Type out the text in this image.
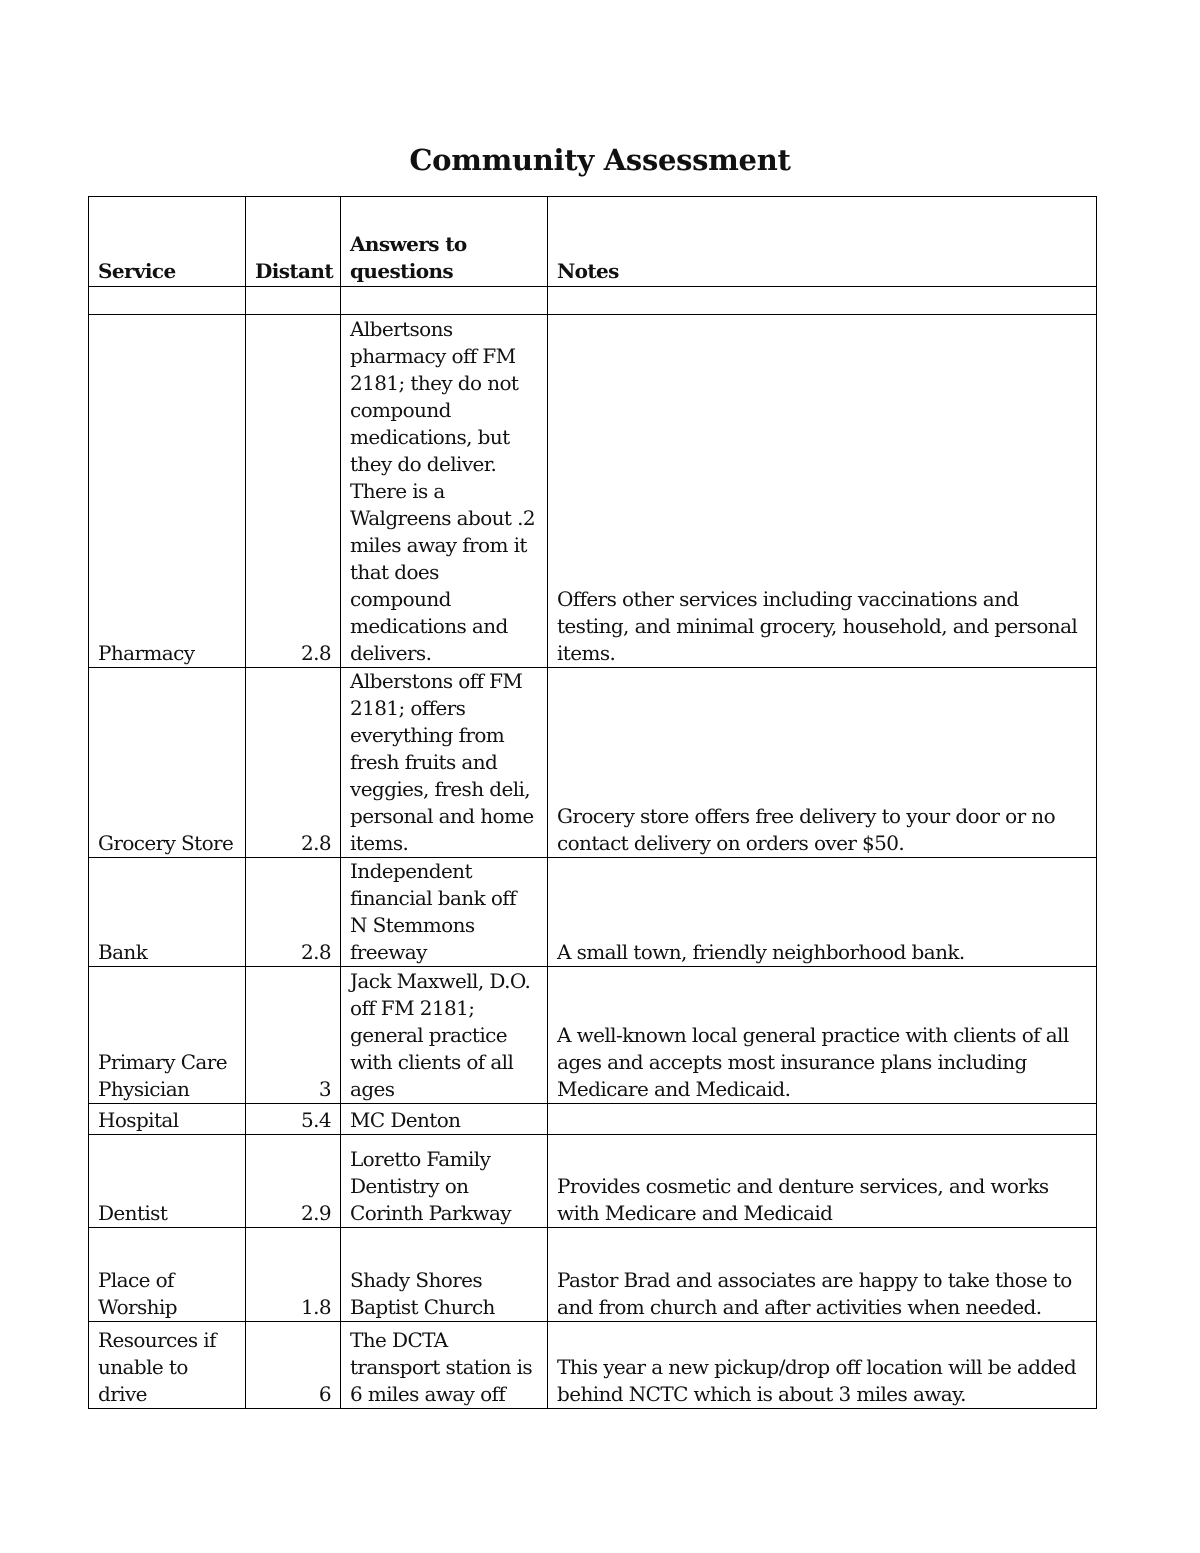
Community Assessment
Service	Distant	Answers to questions	Notes

Pharmacy	2.8	Albertsons pharmacy off FM 2181; they do not compound medications, but they do deliver. There is a Walgreens about .2 miles away from it that does compound medications and delivers.	Offers other services including vaccinations and testing, and minimal grocery, household, and personal items.
Grocery Store	2.8	Alberstons off FM 2181; offers everything from fresh fruits and veggies, fresh deli, personal and home items.	Grocery store offers free delivery to your door or no contact delivery on orders over $50.
Bank	2.8	Independent financial bank off N Stemmons freeway	A small town, friendly neighborhood bank.
Primary Care Physician	3	Jack Maxwell, D.O. off FM 2181; general practice with clients of all ages	A well-known local general practice with clients of all ages and accepts most insurance plans including Medicare and Medicaid.
Hospital	5.4	MC Denton	
Dentist	2.9	Loretto Family Dentistry on Corinth Parkway	Provides cosmetic and denture services, and works with Medicare and Medicaid
Place of Worship	1.8	Shady Shores Baptist Church	Pastor Brad and associates are happy to take those to and from church and after activities when needed.
Resources if unable to drive	6	The DCTA transport station is 6 miles away off	This year a new pickup/drop off location will be added behind NCTC which is about 3 miles away.
